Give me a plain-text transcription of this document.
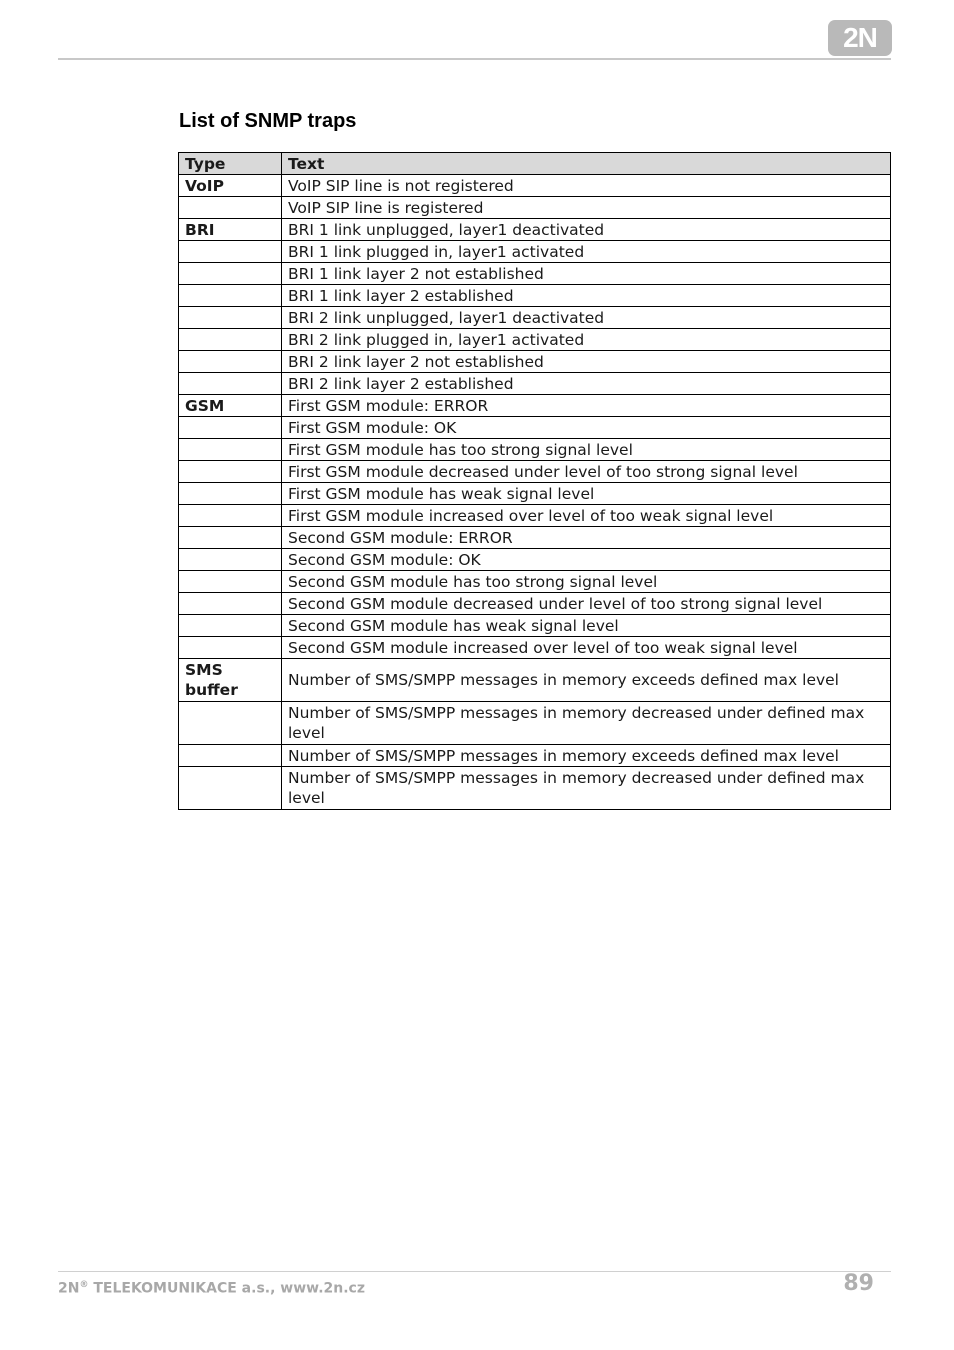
2N
List of SNMP traps
Type	Text
VoIP	VoIP SIP line is not registered
	VoIP SIP line is registered
BRI	BRI 1 link unplugged, layer1 deactivated
	BRI 1 link plugged in, layer1 activated
	BRI 1 link layer 2 not established
	BRI 1 link layer 2 established
	BRI 2 link unplugged, layer1 deactivated
	BRI 2 link plugged in, layer1 activated
	BRI 2 link layer 2 not established
	BRI 2 link layer 2 established
GSM	First GSM module: ERROR
	First GSM module: OK
	First GSM module has too strong signal level
	First GSM module decreased under level of too strong signal level
	First GSM module has weak signal level
	First GSM module increased over level of too weak signal level
	Second GSM module: ERROR
	Second GSM module: OK
	Second GSM module has too strong signal level
	Second GSM module decreased under level of too strong signal level
	Second GSM module has weak signal level
	Second GSM module increased over level of too weak signal level
SMS buffer	Number of SMS/SMPP messages in memory exceeds defined max level
	Number of SMS/SMPP messages in memory decreased under defined max level
	Number of SMS/SMPP messages in memory exceeds defined max level
	Number of SMS/SMPP messages in memory decreased under defined max level
2N® TELEKOMUNIKACE a.s., www.2n.cz	89
